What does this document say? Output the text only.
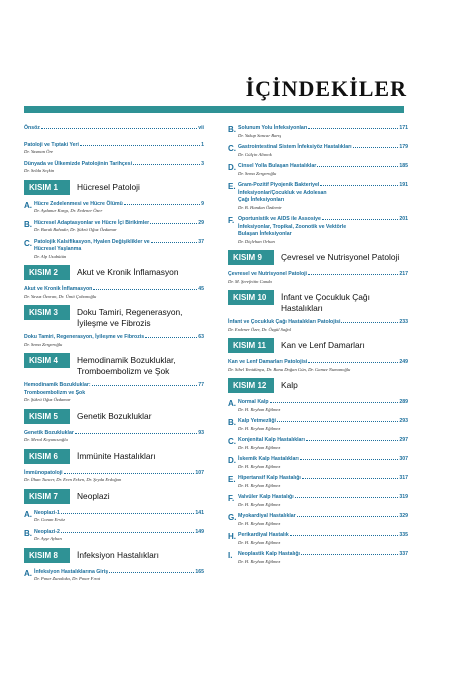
İÇİNDEKİLER
Önsöz	vii
Patoloji ve Tıptaki Yeri	1
Dr. Yasman Öre
Dünyada ve Ülkemizde Patolojinin Tarihçesi	3
Dr. Selda Seçkin
KISIM 1	Hücresel Patoloji
A. Hücre Zedelenmesi ve Hücre Ölümü	9
Dr. Aydanur Kargı, Dr. Erdener Özer
B. Hücresel Adaptasyonlar ve Hücre İçi Birikimler	29
Dr. Burak Bahadır, Dr. Şükrü Oğuz Özdamar
C. Patolojik Kalsifikasyon, Hyalen Değişiklikler ve	37
Hücresel Yaşlanma
Dr. Alp Usubütün
KISIM 2	Akut ve Kronik İnflamasyon
Akut ve Kronik İnflamasyon	45
Dr. Yavuz Özoran, Dr. Ümit Çobanoğlu
KISIM 3	Doku Tamiri, Regenerasyon, İyileşme ve Fibrozis
Doku Tamiri, Regenerasyon, İyileşme ve Fibrozis	63
Dr. Sema Zergeroğlu
KISIM 4	Hemodinamik Bozukluklar, Tromboembolizm ve Şok
Hemodinamik Bozukluklar:	77
Tromboembolizm ve Şok
Dr. Şükrü Oğuz Özdamar
KISIM 5	Genetik Bozukluklar
Genetik Bozukluklar	93
Dr. Meral Koyuncuoğlu
KISIM 6	İmmünite Hastalıkları
İmmünopatoloji	107
Dr. İlhan Tuncer, Dr. Eren Erken, Dr. Şeyda Erdoğan
KISIM 7	Neoplazi
A. Neoplazi-1	141
Dr. Gonan Ersöz
B. Neoplazi-2	149
Dr. Ayşe Ayhan
KISIM 8	İnfeksiyon Hastalıkları
A. İnfeksiyon Hastalıklarına Giriş	165
Dr. Pınar Zunaloka, Dr. Pınar Fırat
B. Solunum Yolu İnfeksiyonları	171
Dr. Yakup Sancar Barış
C. Gastrointestinal Sistem İnfeksiyöz Hastalıkları	179
Dr. Gülçin Altınok
D. Cinsel Yolla Bulaşan Hastalıklar	185
Dr. Sema Zergeroğlu
E. Gram-Pozitif Piyojenik Bakteriyel	191
İnfeksiyonlar/Çocukluk ve Adolesan
Çağı İnfeksiyonları
Dr. B. Handan Özdemir
F. Oportunistik ve AIDS ile Assosiye	201
İnfeksiyonlar, Tropikal, Zoonotik ve Vektörle
Bulaşan İnfeksiyonlar
Dr. Diçlehan Orhan
KISIM 9	Çevresel ve Nutrisyonel Patoloji
Çevresel ve Nutrisyonel Patoloji	217
Dr. M. Şerefettin Canda
KISIM 10	İnfant ve Çocukluk Çağı Hastalıkları
İnfant ve Çocukluk Çağı Hastalıkları Patolojisi	233
Dr. Erdener Özer, Dr. Özgül Sağol
KISIM 11	Kan ve Lenf Damarları
Kan ve Lenf Damarları Patolojisi	249
Dr. Sibel Yenidünya, Dr. Banu Doğan Gün, Dr. Gamze Numanoğlu
KISIM 12	Kalp
A. Normal Kalp	289
Dr. H. Reyhan Eğilmez
B. Kalp Yetmezliği	293
Dr. H. Reyhan Eğilmez
C. Konjenital Kalp Hastalıkları	297
Dr. H. Reyhan Eğilmez
D. İskemik Kalp Hastalıkları	307
Dr. H. Reyhan Eğilmez
E. Hipertansif Kalp Hastalığı	317
Dr. H. Reyhan Eğilmez
F. Valvüler Kalp Hastalığı	319
Dr. H. Reyhan Eğilmez
G. Myokardiyal Hastalıklar	329
Dr. H. Reyhan Eğilmez
H. Perikardiyal Hastalık	335
Dr. H. Reyhan Eğilmez
I. Neoplastik Kalp Hastalığı	337
Dr. H. Reyhan Eğilmez
